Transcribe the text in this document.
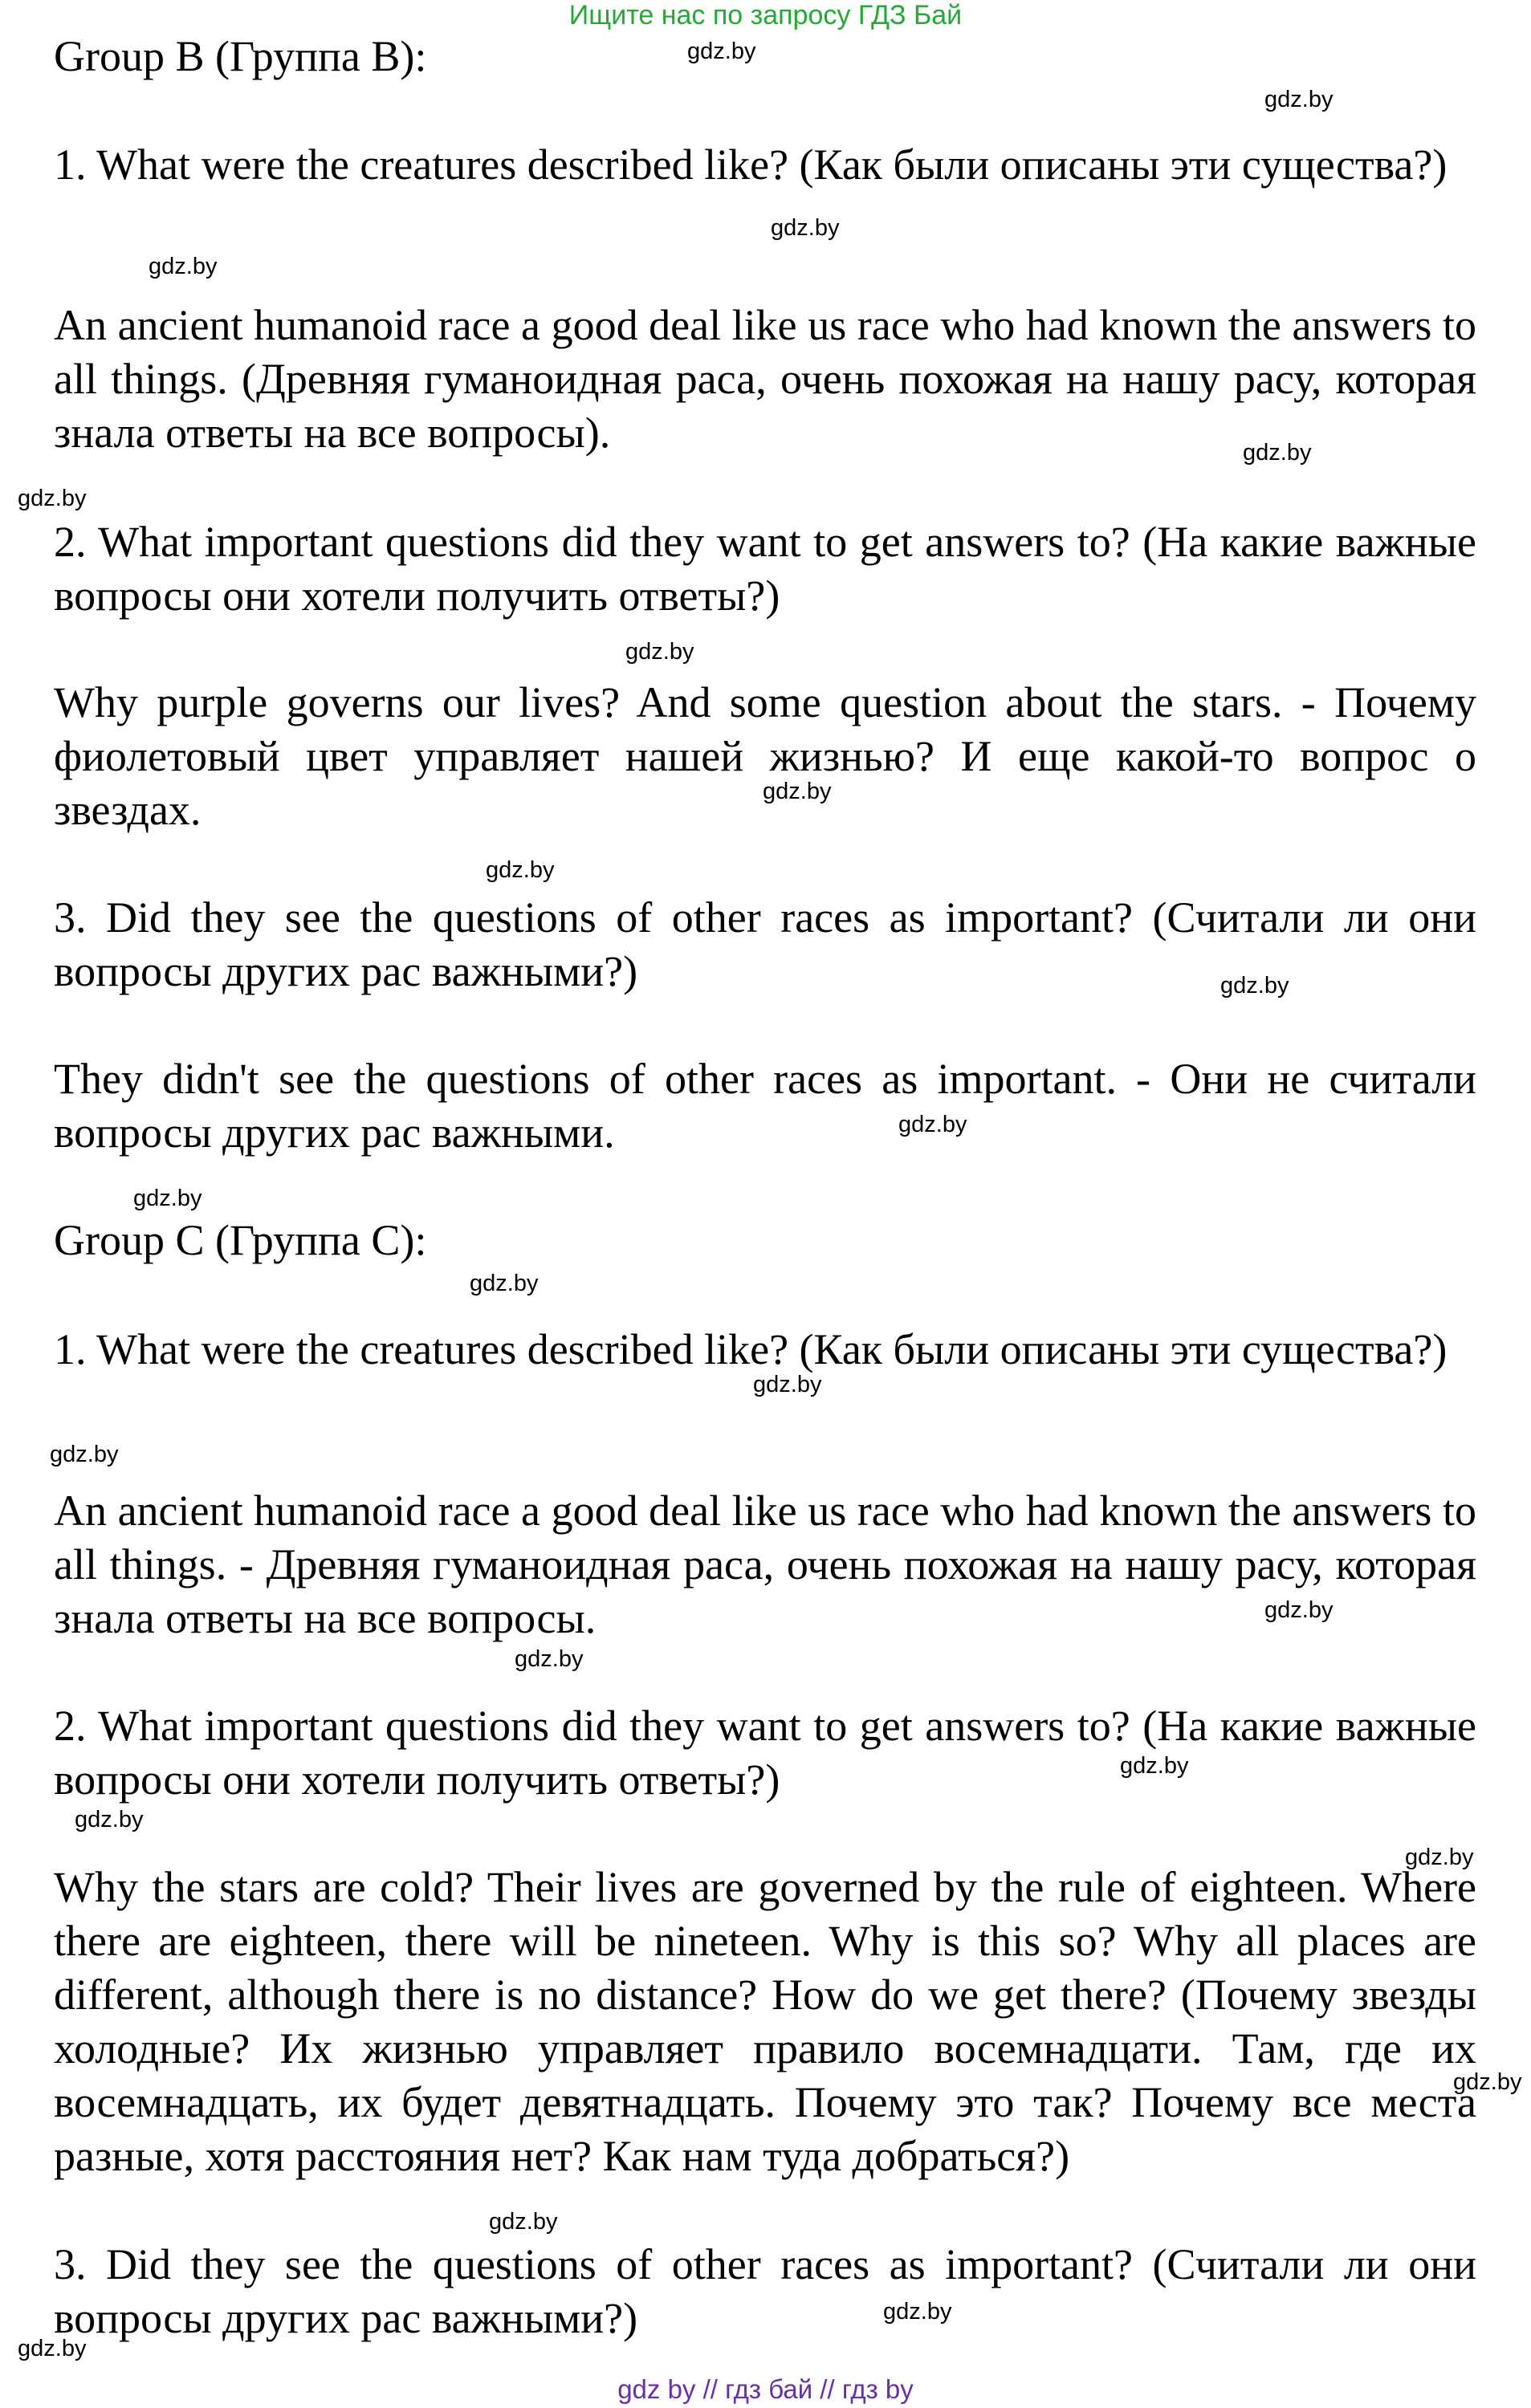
Ищите нас по запросу ГДЗ Бай

Group B (Группа B):

1. What were the creatures described like? (Как были описаны эти существа?)

An ancient humanoid race a good deal like us race who had known the answers to all things. (Древняя гуманоидная раса, очень похожая на нашу расу, которая знала ответы на все вопросы).

2. What important questions did they want to get answers to? (На какие важные вопросы они хотели получить ответы?)

Why purple governs our lives? And some question about the stars. - Почему фиолетовый цвет управляет нашей жизнью? И еще какой-то вопрос о звездах.

3. Did they see the questions of other races as important? (Считали ли они вопросы других рас важными?)

They didn't see the questions of other races as important. - Они не считали вопросы других рас важными.

Group C (Группа C):

1. What were the creatures described like? (Как были описаны эти существа?)

An ancient humanoid race a good deal like us race who had known the answers to all things. - Древняя гуманоидная раса, очень похожая на нашу расу, которая знала ответы на все вопросы.

2. What important questions did they want to get answers to? (На какие важные вопросы они хотели получить ответы?)

Why the stars are cold? Their lives are governed by the rule of eighteen. Where there are eighteen, there will be nineteen. Why is this so? Why all places are different, although there is no distance? How do we get there? (Почему звезды холодные? Их жизнью управляет правило восемнадцати. Там, где их восемнадцать, их будет девятнадцать. Почему это так? Почему все места разные, хотя расстояния нет? Как нам туда добраться?)

3. Did they see the questions of other races as important? (Считали ли они вопросы других рас важными?)

gdz.by
gdz.by
gdz.by
gdz.by
gdz.by
gdz.by
gdz.by
gdz.by
gdz.by
gdz.by
gdz.by
gdz.by
gdz.by
gdz.by
gdz.by
gdz.by
gdz.by
gdz.by
gdz.by
gdz.by
gdz.by
gdz.by
gdz.by
gdz.by
gdz by // гдз бай // гдз by
